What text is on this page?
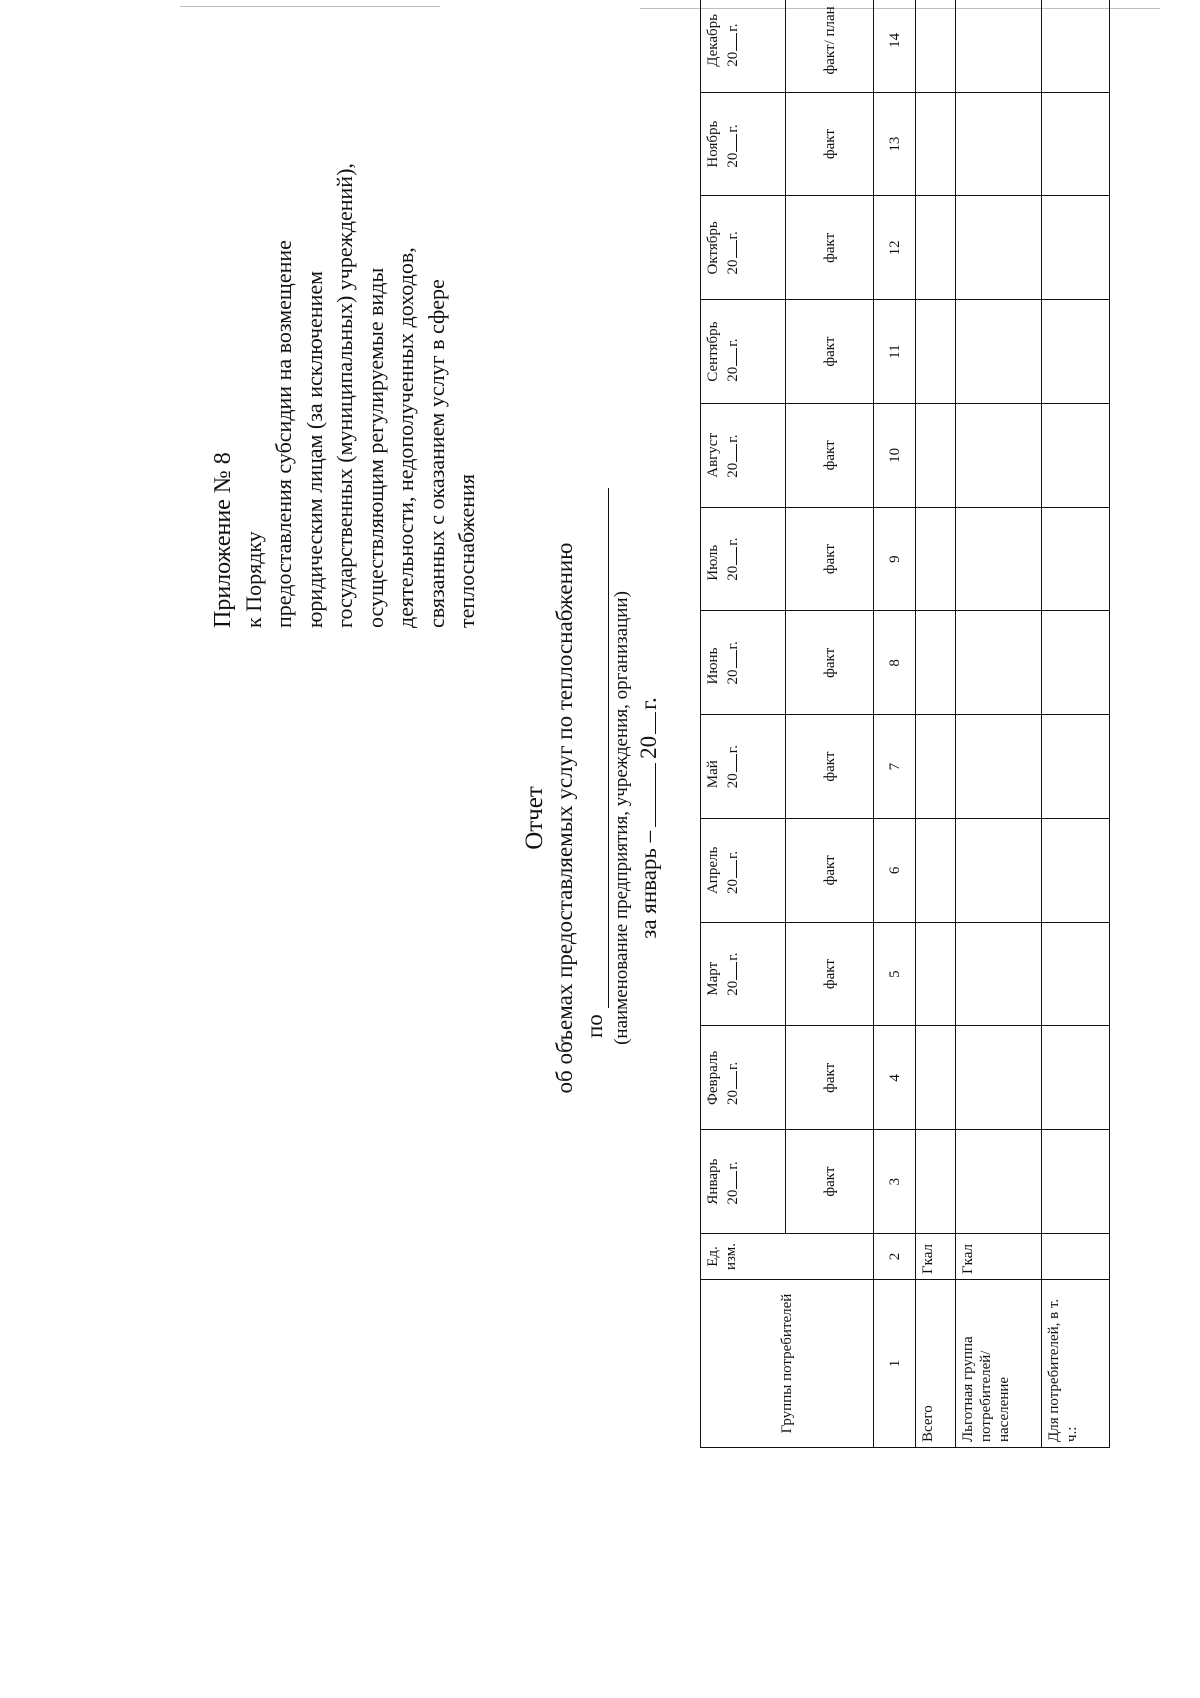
Приложение № 8 к Порядку предоставления субсидии на возмещение юридическим лицам (за исключением государственных (муниципальных) учреждений), осуществляющим регулируемые виды деятельности, недополученных доходов, связанных с оказанием услуг в сфере теплоснабжения
Отчет об объемах предоставляемых услуг по теплоснабжению по (наименование предприятия, учреждения, организации) за январь –20г.
Группы потребителей	Ед. изм.	Январь 20г.	Февраль 20г.	Март 20г.	Апрель 20г.	Май 20г.	Июнь 20г.	Июль 20г.	Август 20г.	Сентябрь 20г.	Октябрь 20г.	Ноябрь 20г.	Декабрь 20г.
		факт	факт	факт	факт	факт	факт	факт	факт	факт	факт	факт	факт/ план
1	2	3	4	5	6	7	8	9	10	11	12	13	14
Всего	Гкал												
Льготная группа потребителей/ население	Гкал												
Для потребителей, в т. ч.:													
